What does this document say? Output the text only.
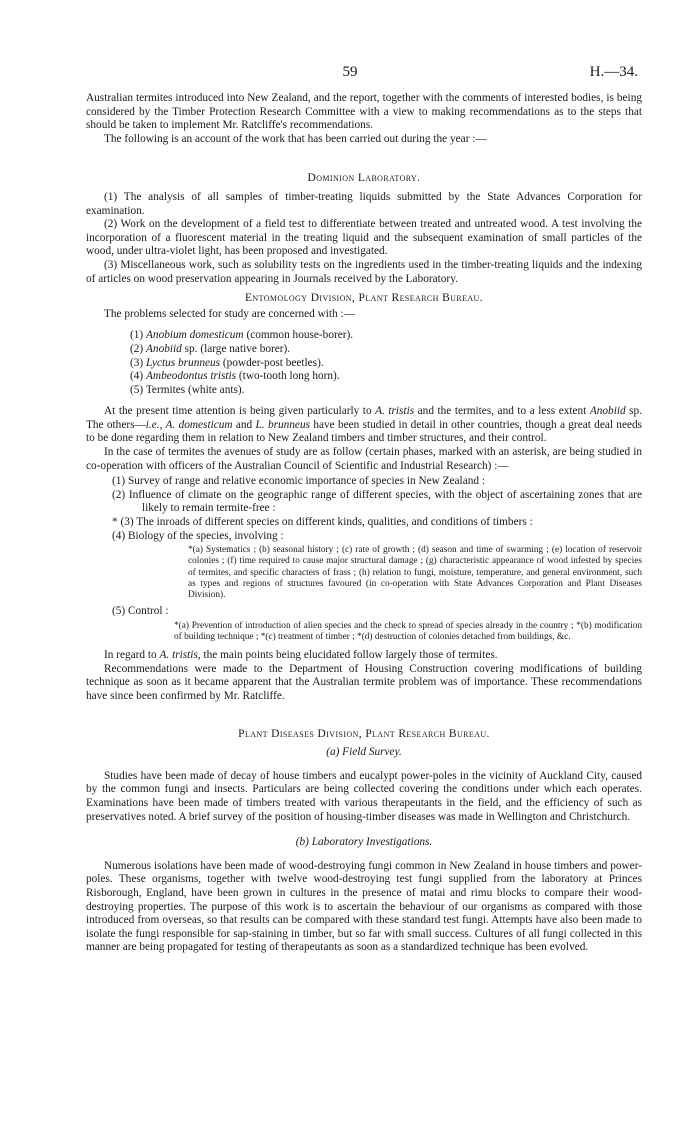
59	H.—34.

Australian termites introduced into New Zealand, and the report, together with the comments of interested bodies, is being considered by the Timber Protection Research Committee with a view to making recommendations as to the steps that should be taken to implement Mr. Ratcliffe's recommendations.

The following is an account of the work that has been carried out during the year :—

Dominion Laboratory.

(1) The analysis of all samples of timber-treating liquids submitted by the State Advances Corporation for examination.

(2) Work on the development of a field test to differentiate between treated and untreated wood. A test involving the incorporation of a fluorescent material in the treating liquid and the subsequent examination of small particles of the wood, under ultra-violet light, has been proposed and investigated.

(3) Miscellaneous work, such as solubility tests on the ingredients used in the timber-treating liquids and the indexing of articles on wood preservation appearing in Journals received by the Laboratory.

Entomology Division, Plant Research Bureau.

The problems selected for study are concerned with :—

(1) Anobium domesticum (common house-borer).
(2) Anobiid sp. (large native borer).
(3) Lyctus brunneus (powder-post beetles).
(4) Ambeodontus tristis (two-tooth long horn).
(5) Termites (white ants).

At the present time attention is being given particularly to A. tristis and the termites, and to a less extent Anobiid sp. The others—i.e., A. domesticum and L. brunneus have been studied in detail in other countries, though a great deal needs to be done regarding them in relation to New Zealand timbers and timber structures, and their control.

In the case of termites the avenues of study are as follow (certain phases, marked with an asterisk, are being studied in co-operation with officers of the Australian Council of Scientific and Industrial Research) :—

(1) Survey of range and relative economic importance of species in New Zealand :
(2) Influence of climate on the geographic range of different species, with the object of ascertaining zones that are likely to remain termite-free :
* (3) The inroads of different species on different kinds, qualities, and conditions of timbers :
(4) Biology of the species, involving :

*(a) Systematics ; (b) seasonal history ; (c) rate of growth ; (d) season and time of swarming ; (e) location of reservoir colonies ; (f) time required to cause major structural damage ; (g) characteristic appearance of wood infested by species of termites, and specific characters of frass ; (h) relation to fungi, moisture, temperature, and general environment, such as types and regions of structures favoured (in co-operation with State Advances Corporation and Plant Diseases Division).

(5) Control :

*(a) Prevention of introduction of alien species and the check to spread of species already in the country ; *(b) modification of building technique ; *(c) treatment of timber ; *(d) destruction of colonies detached from buildings, &c.

In regard to A. tristis, the main points being elucidated follow largely those of termites.

Recommendations were made to the Department of Housing Construction covering modifications of building technique as soon as it became apparent that the Australian termite problem was of importance. These recommendations have since been confirmed by Mr. Ratcliffe.

Plant Diseases Division, Plant Research Bureau.

(a) Field Survey.

Studies have been made of decay of house timbers and eucalypt power-poles in the vicinity of Auckland City, caused by the common fungi and insects. Particulars are being collected covering the conditions under which each operates. Examinations have been made of timbers treated with various therapeutants in the field, and the efficiency of such as preservatives noted. A brief survey of the position of housing-timber diseases was made in Wellington and Christchurch.

(b) Laboratory Investigations.

Numerous isolations have been made of wood-destroying fungi common in New Zealand in house timbers and power-poles. These organisms, together with twelve wood-destroying test fungi supplied from the laboratory at Princes Risborough, England, have been grown in cultures in the presence of matai and rimu blocks to compare their wood-destroying properties. The purpose of this work is to ascertain the behaviour of our organisms as compared with those introduced from overseas, so that results can be compared with these standard test fungi. Attempts have also been made to isolate the fungi responsible for sap-staining in timber, but so far with small success. Cultures of all fungi collected in this manner are being propagated for testing of therapeutants as soon as a standardized technique has been evolved.
